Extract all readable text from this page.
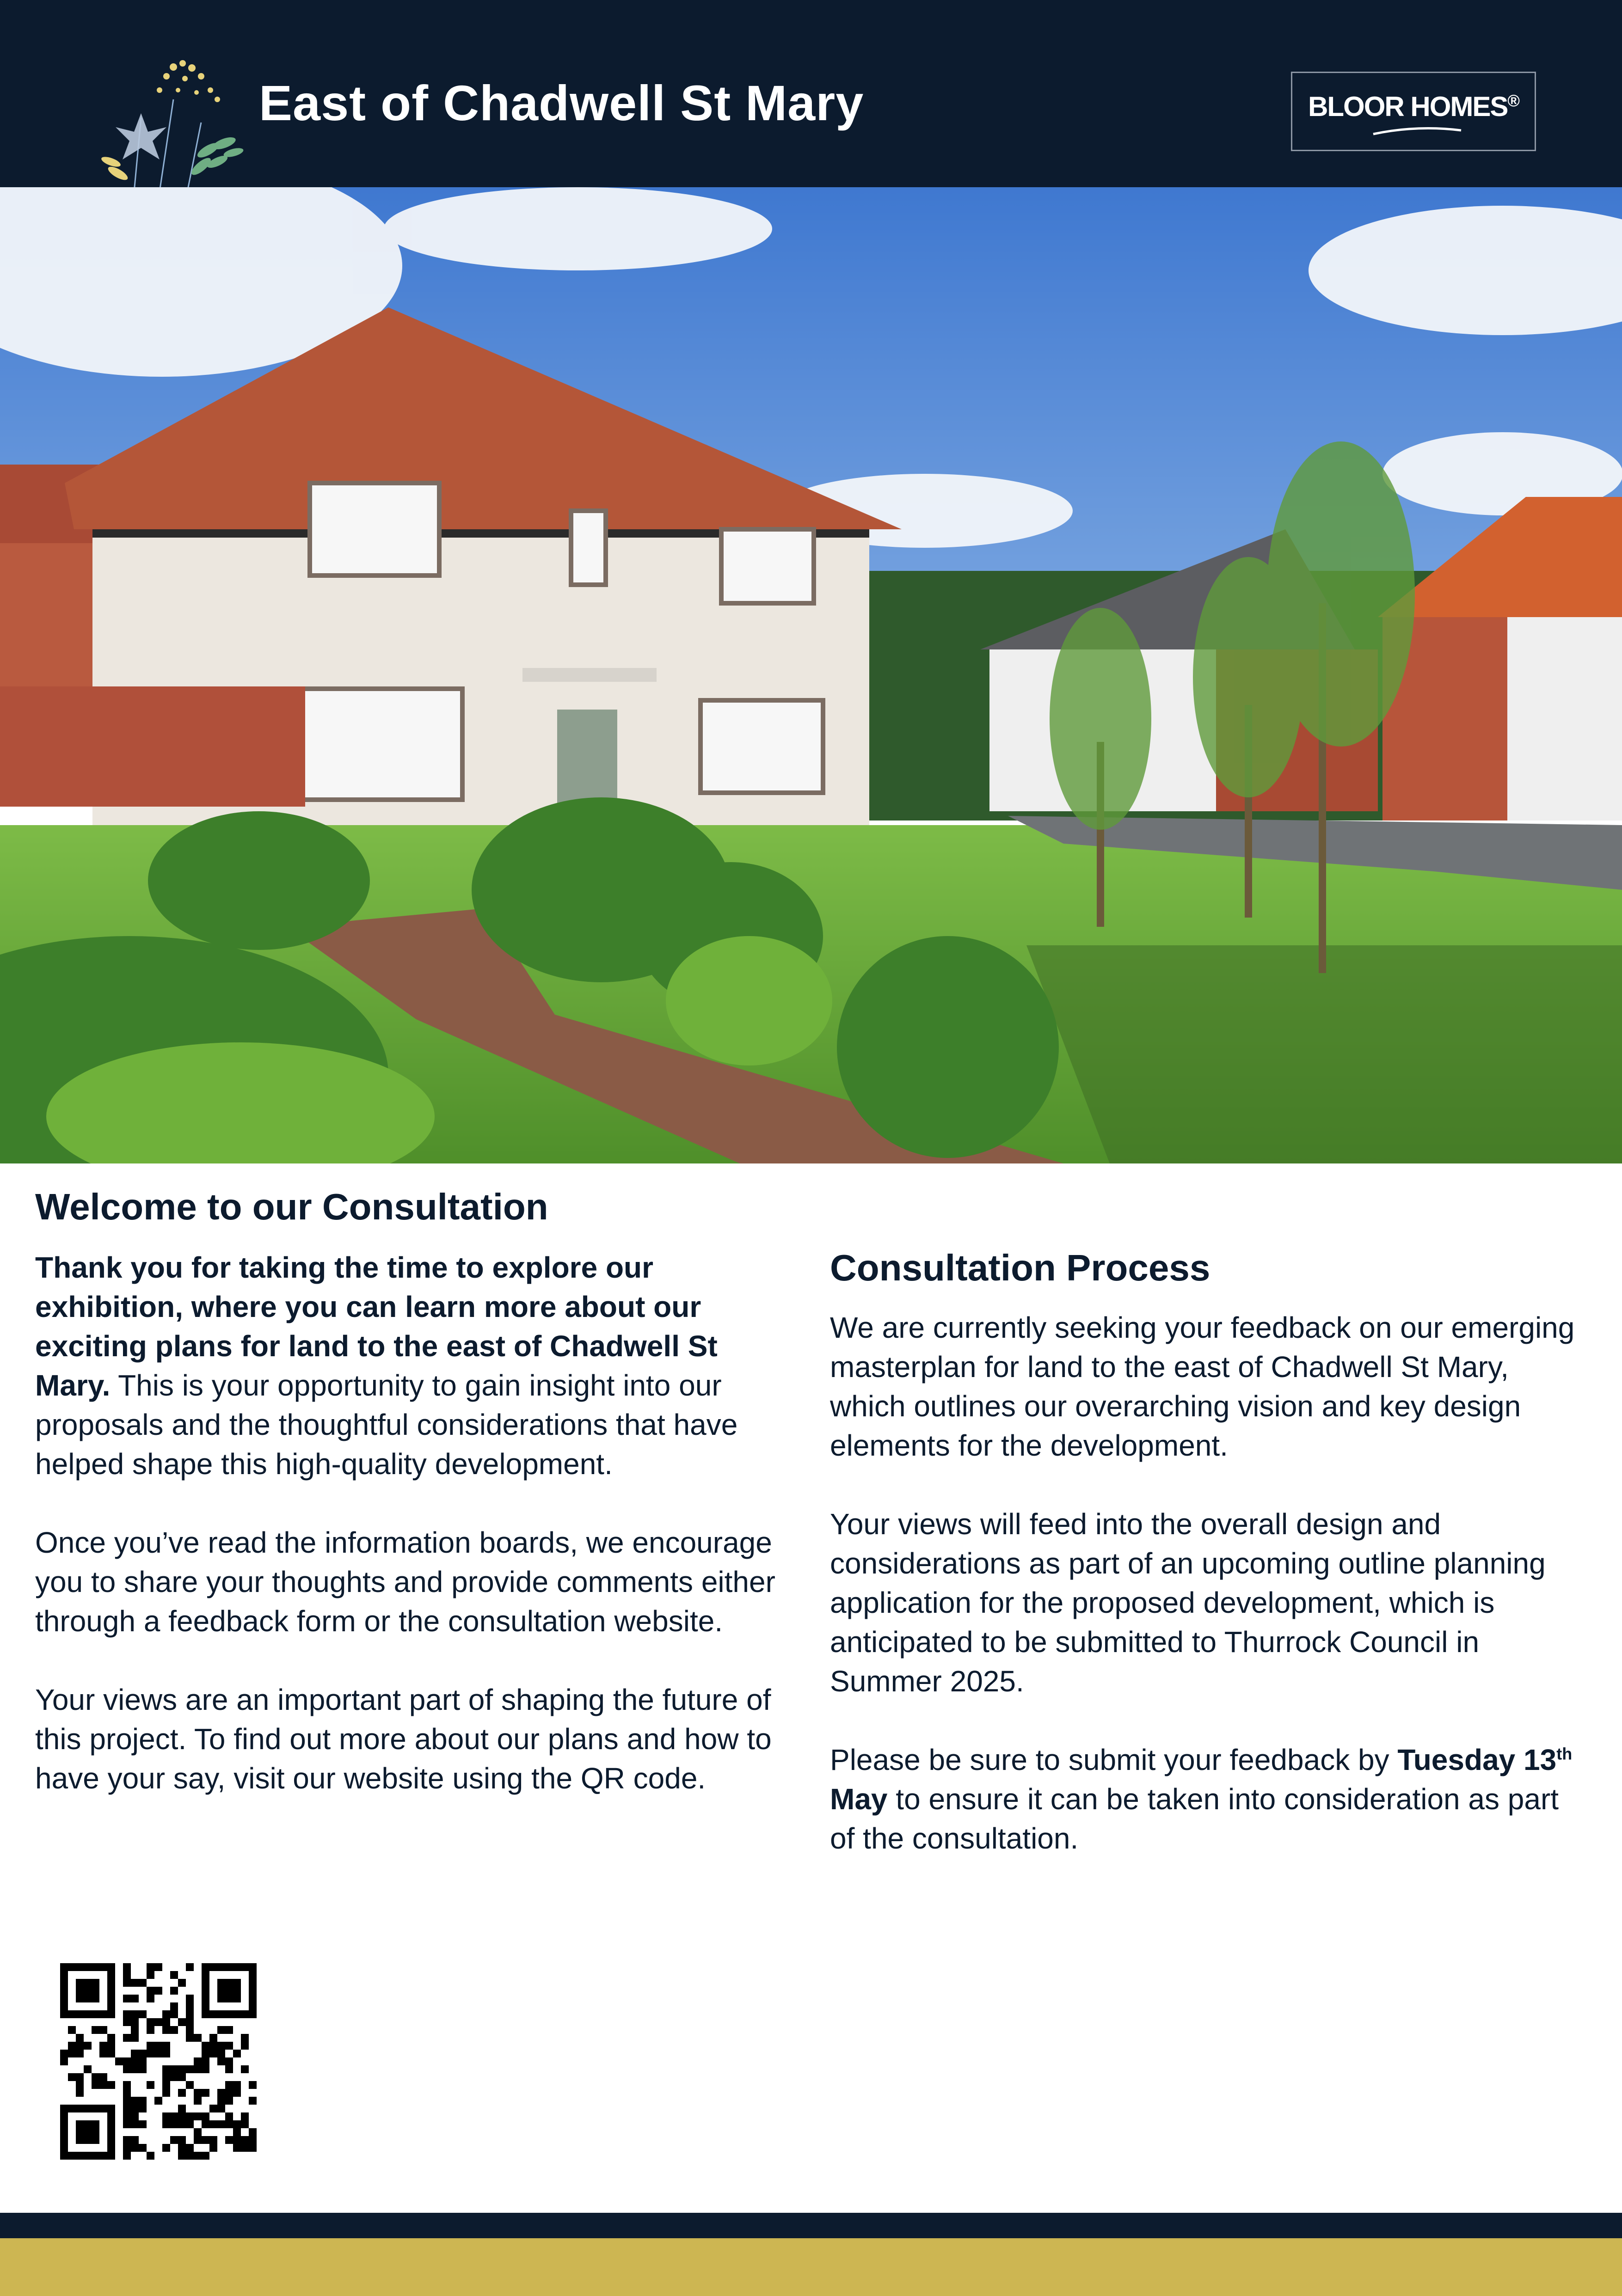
East of Chadwell St Mary	BLOOR HOMES®
Welcome to our Consultation

Thank you for taking the time to explore our exhibition, where you can learn more about our exciting plans for land to the east of Chadwell St Mary. This is your opportunity to gain insight into our proposals and the thoughtful considerations that have helped shape this high-quality development.

Once you’ve read the information boards, we encourage you to share your thoughts and provide comments either through a feedback form or the consultation website.

Your views are an important part of shaping the future of this project. To find out more about our plans and how to have your say, visit our website using the QR code.

Consultation Process

We are currently seeking your feedback on our emerging masterplan for land to the east of Chadwell St Mary, which outlines our overarching vision and key design elements for the development.

Your views will feed into the overall design and considerations as part of an upcoming outline planning application for the proposed development, which is anticipated to be submitted to Thurrock Council in Summer 2025.

Please be sure to submit your feedback by Tuesday 13th May to ensure it can be taken into consideration as part of the consultation.
